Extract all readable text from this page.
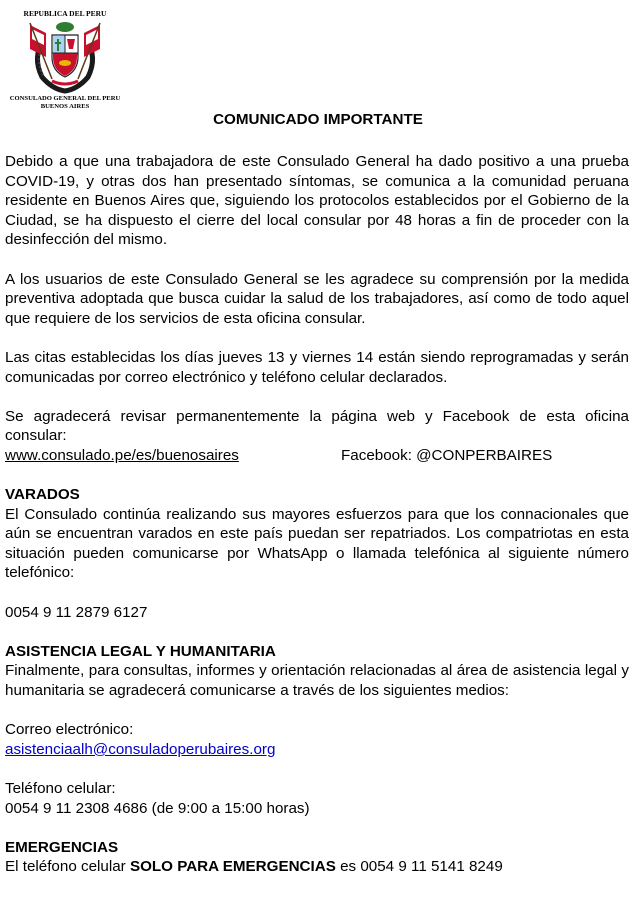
REPUBLICA DEL PERU
CONSULADO GENERAL DEL PERU
BUENOS AIRES
COMUNICADO IMPORTANTE

Debido a que una trabajadora de este Consulado General ha dado positivo a una prueba COVID-19, y otras dos han presentado síntomas, se comunica a la comunidad peruana residente en Buenos Aires que, siguiendo los protocolos establecidos por el Gobierno de la Ciudad, se ha dispuesto el cierre del local consular por 48 horas a fin de proceder con la desinfección del mismo.

A los usuarios de este Consulado General se les agradece su comprensión por la medida preventiva adoptada que busca cuidar la salud de los trabajadores, así como de todo aquel que requiere de los servicios de esta oficina consular.

Las citas establecidas los días jueves 13 y viernes 14 están siendo reprogramadas y serán comunicadas por correo electrónico y teléfono celular declarados.

Se agradecerá revisar permanentemente la página web y Facebook de esta oficina consular:

www.consulado.pe/es/buenosaires	Facebook: @CONPERBAIRES

VARADOS

El Consulado continúa realizando sus mayores esfuerzos para que los connacionales que aún se encuentran varados en este país puedan ser repatriados. Los compatriotas en esta situación pueden comunicarse por WhatsApp o llamada telefónica al siguiente número telefónico:

0054 9 11 2879 6127

ASISTENCIA LEGAL Y HUMANITARIA

Finalmente, para consultas, informes y orientación relacionadas al área de asistencia legal y humanitaria se agradecerá comunicarse a través de los siguientes medios:

Correo electrónico:

asistenciaalh@consuladoperubaires.org

Teléfono celular:

0054 9 11 2308 4686 (de 9:00 a 15:00 horas)

EMERGENCIAS

El teléfono celular SOLO PARA EMERGENCIAS es 0054 9 11 5141 8249
